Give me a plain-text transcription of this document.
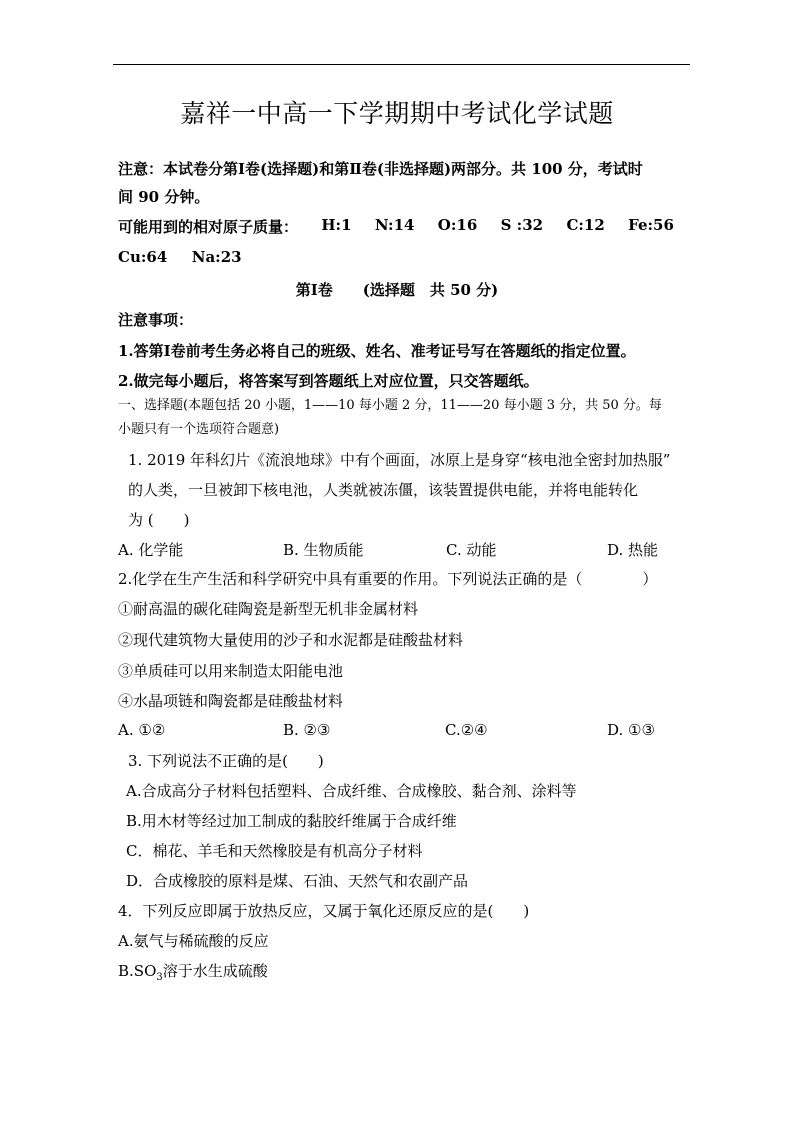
嘉祥一中高一下学期期中考试化学试题
注意：本试卷分第Ⅰ卷(选择题)和第Ⅱ卷(非选择题)两部分。共 100 分，考试时
间 90 分钟。
可能用到的相对原子质量： H:1 N:14 O:16 S :32 C:12 Fe:56
Cu:64 Na:23
第Ⅰ卷　　(选择题　共 50 分)
注意事项：
1.答第Ⅰ卷前考生务必将自己的班级、姓名、准考证号写在答题纸的指定位置。
2.做完每小题后，将答案写到答题纸上对应位置，只交答题纸。
一、选择题(本题包括 20 小题，1——10 每小题 2 分，11——20 每小题 3 分，共 50 分。每
小题只有一个选项符合题意)
1. 2019 年科幻片《流浪地球》中有个画面，冰原上是身穿“核电池全密封加热服”
的人类，一旦被卸下核电池，人类就被冻僵，该装置提供电能，并将电能转化
为 (　　)
A. 化学能	B. 生物质能	C. 动能	D. 热能
2.化学在生产生活和科学研究中具有重要的作用。下列说法正确的是（　　　　）
①耐高温的碳化硅陶瓷是新型无机非金属材料
②现代建筑物大量使用的沙子和水泥都是硅酸盐材料
③单质硅可以用来制造太阳能电池
④水晶项链和陶瓷都是硅酸盐材料
A. ①②	B. ②③	C.②④	D. ①③
3. 下列说法不正确的是(　　)
A.合成高分子材料包括塑料、合成纤维、合成橡胶、黏合剂、涂料等
B.用木材等经过加工制成的黏胶纤维属于合成纤维
C．棉花、羊毛和天然橡胶是有机高分子材料
D．合成橡胶的原料是煤、石油、天然气和农副产品
4．下列反应即属于放热反应，又属于氧化还原反应的是(　　)
A.氨气与稀硫酸的反应
$B.SO_3$溶于水生成硫酸
